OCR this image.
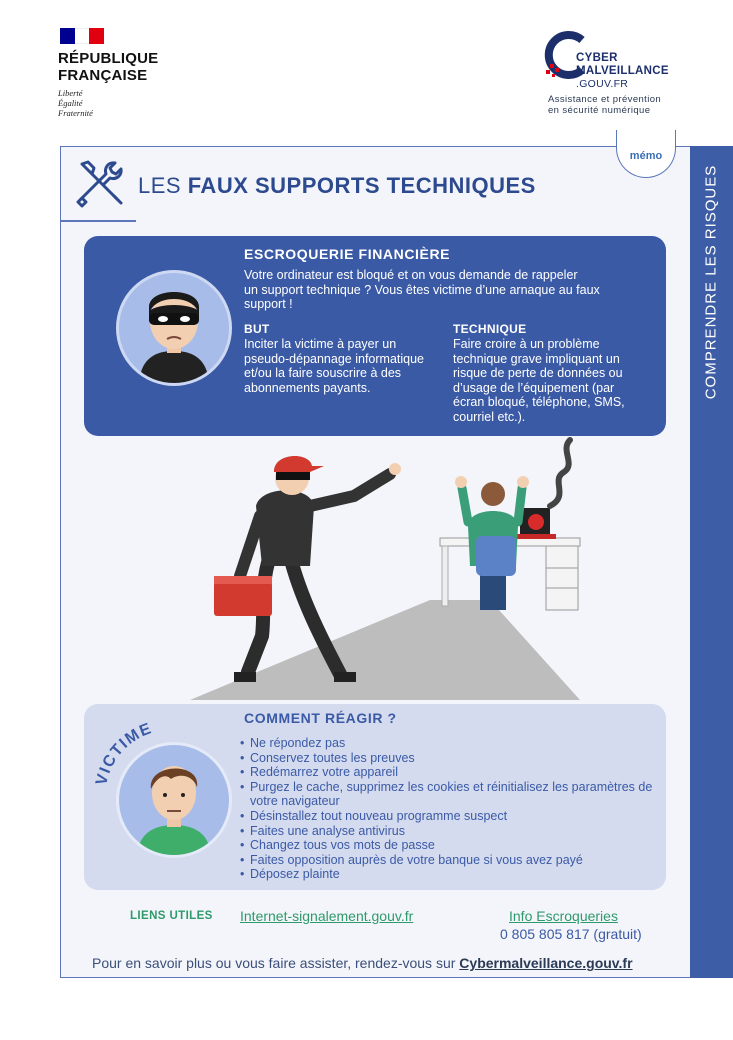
RÉPUBLIQUE
FRANÇAISE
Liberté
Égalité
Fraternité
CYBER
MALVEILLANCE
.GOUV.FR
Assistance et prévention
en sécurité numérique
COMPRENDRE LES RISQUES
mémo
LES FAUX SUPPORTS TECHNIQUES
CYBERCRIMINEL ESCROQUERIE FINANCIÈRE
Votre ordinateur est bloqué et on vous demande de rappeler
un support technique ? Vous êtes victime d’une arnaque au faux
support !
BUT
Inciter la victime à payer un
pseudo-dépannage informatique
et/ou la faire souscrire à des
abonnements payants.
TECHNIQUE
Faire croire à un problème
technique grave impliquant un
risque de perte de données ou
d’usage de l’équipement (par
écran bloqué, téléphone, SMS,
courriel etc.).
VICTIME
COMMENT RÉAGIR ?
• Ne répondez pas
• Conservez toutes les preuves
• Redémarrez votre appareil
• Purgez le cache, supprimez les cookies et réinitialisez les paramètres de votre navigateur
• Désinstallez tout nouveau programme suspect
• Faites une analyse antivirus
• Changez tous vos mots de passe
• Faites opposition auprès de votre banque si vous avez payé
• Déposez plainte
LIENS UTILES Internet-signalement.gouv.fr	Info Escroqueries
0 805 805 817 (gratuit)
Pour en savoir plus ou vous faire assister, rendez-vous sur Cybermalveillance.gouv.fr
